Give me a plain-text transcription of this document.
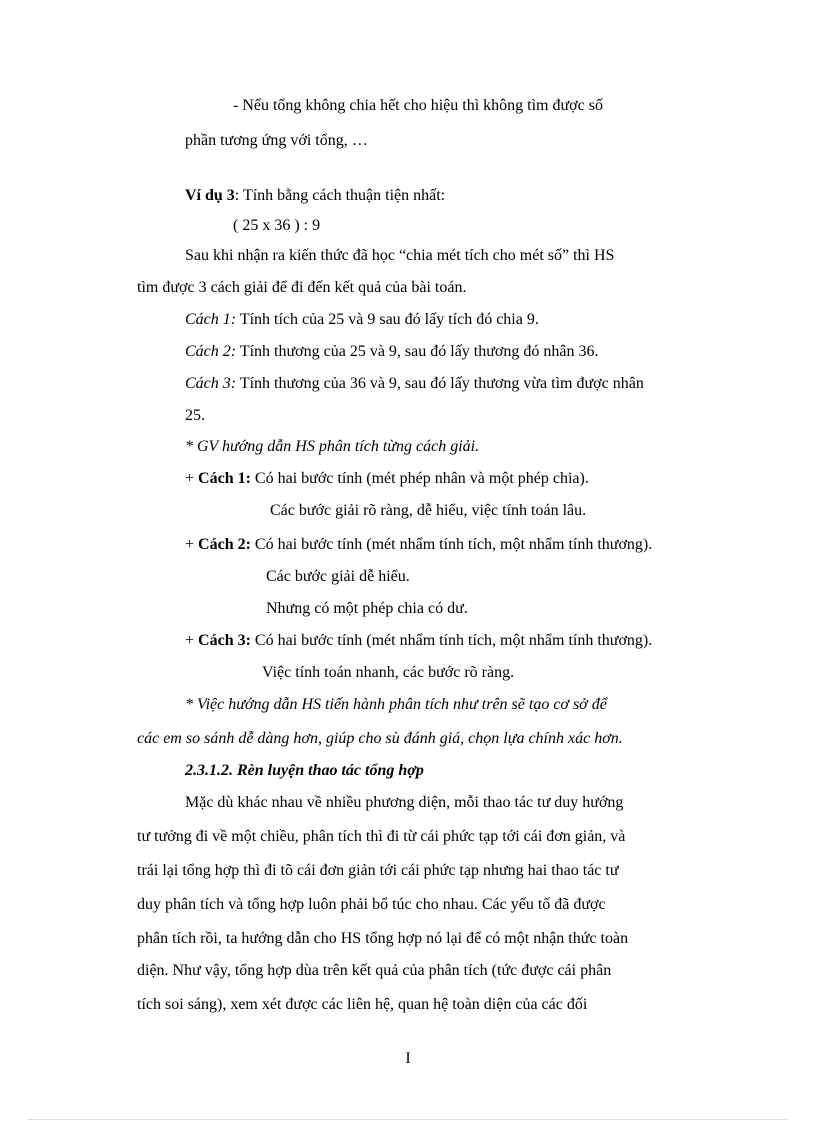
- Nếu tổng không chia hết cho hiệu thì không tìm được số
phần tương ứng với tổng, …
Ví dụ 3: Tính bằng cách thuận tiện nhất:
( 25 x 36 ) : 9
Sau khi nhận ra kiến thức đã học “chia mét tích cho mét số” thì HS
tìm được 3 cách giải để đi đến kết quả của bài toán.
Cách 1: Tính tích của 25 và 9 sau đó lấy tích đó chia 9.
Cách 2: Tính thương của 25 và 9, sau đó lấy thương đó nhân 36.
Cách 3: Tính thương của 36 và 9, sau đó lấy thương vừa tìm được nhân
25.
* GV hướng dẫn HS phân tích từng cách giải.
+ Cách 1: Có hai bước tính (mét phép nhân và một phép chia).
Các bước giải rõ ràng, dễ hiểu, việc tính toán lâu.
+ Cách 2: Có hai bước tính (mét nhẩm tính tích, một nhẩm tính thương).
Các bước giải dễ hiểu.
Nhưng có một phép chia có dư.
+ Cách 3: Có hai bước tính (mét nhẩm tính tích, một nhẩm tính thương).
Việc tính toán nhanh, các bước rõ ràng.
* Việc hướng dẫn HS tiến hành phân tích như trên sẽ tạo cơ sở để
các em so sánh dễ dàng hơn, giúp cho sù đánh giá, chọn lựa chính xác hơn.
2.3.1.2. Rèn luyện thao tác tổng hợp
Mặc dù khác nhau về nhiều phương diện, mỗi thao tác tư duy hướng
tư tưởng đi về một chiều, phân tích thì đi từ cái phức tạp tới cái đơn giản, và
trái lại tổng hợp thì đi tõ cái đơn giản tới cái phức tạp nhưng hai thao tác tư
duy phân tích và tổng hợp luôn phải bổ túc cho nhau. Các yếu tố đã được
phân tích rồi, ta hướng dẫn cho HS tổng hợp nó lại để có một nhận thức toàn
diện. Như vậy, tổng hợp dùa trên kết quả của phân tích (tức được cái phân
tích soi sáng), xem xét được các liên hệ, quan hệ toàn diện của các đối
I
